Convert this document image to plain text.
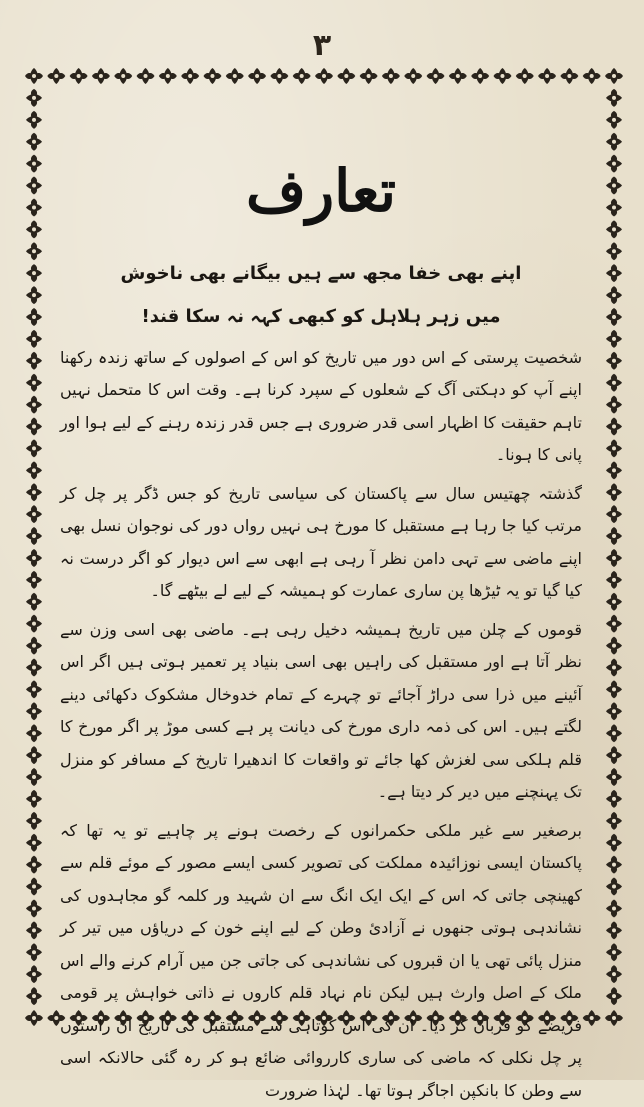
۳
تعارف
اپنے بھی خفا مجھ سے ہیں بیگانے بھی ناخوش
میں زہر ہلاہل کو کبھی کہہ نہ سکا قند!

شخصیت پرستی کے اس دور میں تاریخ کو اس کے اصولوں کے ساتھ زندہ رکھنا اپنے آپ کو دہکتی آگ کے شعلوں کے سپرد کرنا ہے۔ وقت اس کا متحمل نہیں تاہم حقیقت کا اظہار اسی قدر ضروری ہے جس قدر زندہ رہنے کے لیے ہوا اور پانی کا ہونا۔

گذشتہ چھتیس سال سے پاکستان کی سیاسی تاریخ کو جس ڈگر پر چل کر مرتب کیا جا رہا ہے مستقبل کا مورخ ہی نہیں رواں دور کی نوجوان نسل بھی اپنے ماضی سے تہی دامن نظر آ رہی ہے ابھی سے اس دیوار کو اگر درست نہ کیا گیا تو یہ ٹیڑھا پن ساری عمارت کو ہمیشہ کے لیے لے بیٹھے گا۔

قوموں کے چلن میں تاریخ ہمیشہ دخیل رہی ہے۔ ماضی بھی اسی وزن سے نظر آتا ہے اور مستقبل کی راہیں بھی اسی بنیاد پر تعمیر ہوتی ہیں اگر اس آئینے میں ذرا سی دراڑ آجائے تو چہرے کے تمام خدوخال مشکوک دکھائی دینے لگتے ہیں۔ اس کی ذمہ داری مورخ کی دیانت پر ہے کسی موڑ پر اگر مورخ کا قلم ہلکی سی لغزش کھا جائے تو واقعات کا اندھیرا تاریخ کے مسافر کو منزل تک پہنچنے میں دیر کر دیتا ہے۔

برصغیر سے غیر ملکی حکمرانوں کے رخصت ہونے پر چاہیے تو یہ تھا کہ پاکستان ایسی نوزائیدہ مملکت کی تصویر کسی ایسے مصور کے موئے قلم سے کھینچی جاتی کہ اس کے ایک ایک انگ سے ان شہید ور کلمہ گو مجاہدوں کی نشاندہی ہوتی جنھوں نے آزادئ وطن کے لیے اپنے خون کے دریاؤں میں تیر کر منزل پائی تھی یا ان قبروں کی نشاندہی کی جاتی جن میں آرام کرنے والے اس ملک کے اصل وارث ہیں لیکن نام نہاد قلم کاروں نے ذاتی خواہش پر قومی فریضے کو قربان کر دیا۔ ان کی اس کوتاہی سے مستقبل کی تاریخ ان راستوں پر چل نکلی کہ ماضی کی ساری کارروائی ضائع ہو کر رہ گئی حالانکہ اسی سے وطن کا بانکپن اجاگر ہوتا تھا۔ لہٰذا ضرورت
